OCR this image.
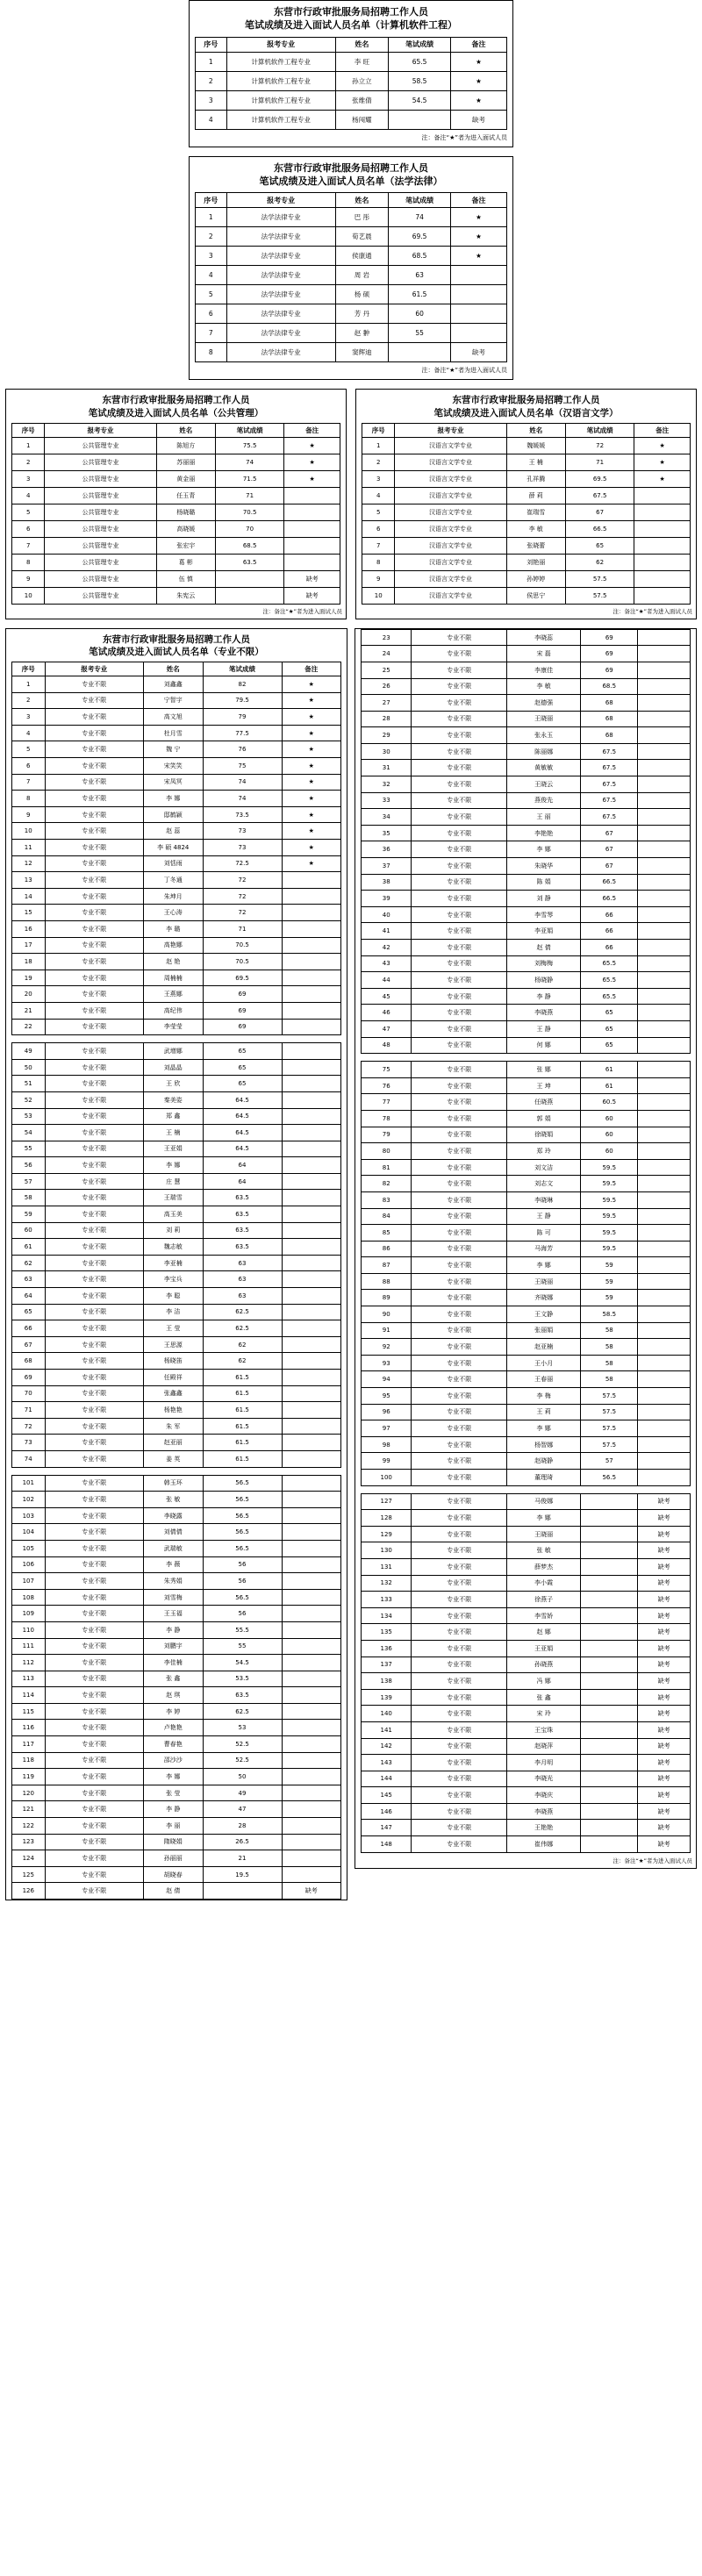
东营市行政审批服务局招聘工作人员
笔试成绩及进入面试人员名单（计算机软件工程）
序号	报考专业	姓名	笔试成绩	备注
1	计算机软件工程专业	李 旺	65.5	★
2	计算机软件工程专业	孙立立	58.5	★
3	计算机软件工程专业	张维倩	54.5	★
4	计算机软件工程专业	杨闯耀		缺考
注：备注“★”者为进入面试人员
东营市行政审批服务局招聘工作人员
笔试成绩及进入面试人员名单（法学法律）
序号	报考专业	姓名	笔试成绩	备注
1	法学法律专业	巴 彤	74	★
2	法学法律专业	荀艺晨	69.5	★
3	法学法律专业	侯康通	68.5	★
4	法学法律专业	周 岩	63	
5	法学法律专业	杨 硕	61.5	
6	法学法律专业	芳 丹	60	
7	法学法律专业	赵 翀	55	
8	法学法律专业	窦辉迪		缺考
注：备注“★”者为进入面试人员
东营市行政审批服务局招聘工作人员
笔试成绩及进入面试人员名单（公共管理）
序号	报考专业	姓名	笔试成绩	备注
1	公共管理专业	陈旭方	75.5	★
2	公共管理专业	苏丽丽	74	★
3	公共管理专业	黄金丽	71.5	★
4	公共管理专业	任玉青	71	
5	公共管理专业	杨晓璐	70.5	
6	公共管理专业	高晓媛	70	
7	公共管理专业	张宏宇	68.5	
8	公共管理专业	葛 彬	63.5	
9	公共管理专业	伍 慎		缺考
10	公共管理专业	朱宪云		缺考
注：备注“★”者为进入面试人员
东营市行政审批服务局招聘工作人员
笔试成绩及进入面试人员名单（汉语言文学）
序号	报考专业	姓名	笔试成绩	备注
1	汉语言文学专业	魏媛媛	72	★
2	汉语言文学专业	王 楠	71	★
3	汉语言文学专业	孔祥腾	69.5	★
4	汉语言文学专业	薛 莉	67.5	
5	汉语言文学专业	崔瑞雪	67	
6	汉语言文学专业	李 敏	66.5	
7	汉语言文学专业	张晓蕾	65	
8	汉语言文学专业	刘艳丽	62	
9	汉语言文学专业	孙婷婷	57.5	
10	汉语言文学专业	侯思宁	57.5	
注：备注“★”者为进入面试人员
东营市行政审批服务局招聘工作人员
笔试成绩及进入面试人员名单（专业不限）
序号	报考专业	姓名	笔试成绩	备注
1	专业不限	刘鑫鑫	82	★
2	专业不限	宁智宇	79.5	★
3	专业不限	高文旭	79	★
4	专业不限	杜月雪	77.5	★
5	专业不限	魏 宁	76	★
6	专业不限	宋笑笑	75	★
7	专业不限	宋凤冥	74	★
8	专业不限	李 娜	74	★
9	专业不限	邸鹤颖	73.5	★
10	专业不限	赵 蕊	73	★
11	专业不限	李 硕 4824	73	★
12	专业不限	刘恬雨	72.5	★
13	专业不限	丁冬通	72	
14	专业不限	朱坤月	72	
15	专业不限	王心涛	72	
16	专业不限	李 璐	71	
17	专业不限	高艳娜	70.5	
18	专业不限	赵 艳	70.5	
19	专业不限	周楠楠	69.5	
20	专业不限	王燕娜	69	
21	专业不限	高纪伟	69	
22	专业不限	李莹莹	69	

49	专业不限	武增娜	65	
50	专业不限	刘晶晶	65	
51	专业不限	王 欣	65	
52	专业不限	秦美姿	64.5	
53	专业不限	郑 鑫	64.5	
54	专业不限	王 楠	64.5	
55	专业不限	王亚娟	64.5	
56	专业不限	李 娜	64	
57	专业不限	庄 慧	64	
58	专业不限	王瑞雪	63.5	
59	专业不限	高玉美	63.5	
60	专业不限	刘 莉	63.5	
61	专业不限	魏志敏	63.5	
62	专业不限	李亚楠	63	
63	专业不限	李宝兵	63	
64	专业不限	李 聪	63	
65	专业不限	李 洁	62.5	
66	专业不限	王 莹	62.5	
67	专业不限	王思源	62	
68	专业不限	杨晓笛	62	
69	专业不限	任殿祥	61.5	
70	专业不限	张鑫鑫	61.5	
71	专业不限	杨艳艳	61.5	
72	专业不限	朱 军	61.5	
73	专业不限	赵亚丽	61.5	
74	专业不限	姜 英	61.5	

101	专业不限	韩玉环	56.5	
102	专业不限	张 敏	56.5	
103	专业不限	李晓露	56.5	
104	专业不限	刘倩倩	56.5	
105	专业不限	武瑞敏	56.5	
106	专业不限	李 薇	56	
107	专业不限	朱秀娟	56	
108	专业不限	刘雪梅	56.5	
109	专业不限	王玉福	56	
110	专业不限	李 静	55.5	
111	专业不限	刘鹏宇	55	
112	专业不限	李佳楠	54.5	
113	专业不限	张 鑫	53.5	
114	专业不限	赵 琪	63.5	
115	专业不限	李 婷	62.5	
116	专业不限	卢艳艳	53	
117	专业不限	曹春艳	52.5	
118	专业不限	邵沙沙	52.5	
119	专业不限	李 娜	50	
120	专业不限	张 莹	49	
121	专业不限	李 静	47	
122	专业不限	李 丽	28	
123	专业不限	隋晓娟	26.5	
124	专业不限	孙丽丽	21	
125	专业不限	胡晓春	19.5	
126	专业不限	赵 倩		缺考
23	专业不限	李晓蕊	69	
24	专业不限	宋 磊	69	
25	专业不限	李康佳	69	
26	专业不限	李 敏	68.5	
27	专业不限	赵德强	68	
28	专业不限	王晓丽	68	
29	专业不限	张永玉	68	
30	专业不限	陈丽娜	67.5	
31	专业不限	黄敏敏	67.5	
32	专业不限	王晓云	67.5	
33	专业不限	燕俊先	67.5	
34	专业不限	王 丽	67.5	
35	专业不限	李艳艳	67	
36	专业不限	李 娜	67	
37	专业不限	朱晓华	67	
38	专业不限	陈 娟	66.5	
39	专业不限	刘 静	66.5	
40	专业不限	李雪琴	66	
41	专业不限	李亚娟	66	
42	专业不限	赵 倩	66	
43	专业不限	刘梅梅	65.5	
44	专业不限	杨晓静	65.5	
45	专业不限	李 静	65.5	
46	专业不限	李晓燕	65	
47	专业不限	王 静	65	
48	专业不限	何 娜	65	

75	专业不限	张 娜	61	
76	专业不限	王 坤	61	
77	专业不限	任晓燕	60.5	
78	专业不限	郭 娟	60	
79	专业不限	徐晓娟	60	
80	专业不限	郑 玲	60	
81	专业不限	刘文洁	59.5	
82	专业不限	刘志文	59.5	
83	专业不限	李晓琳	59.5	
84	专业不限	王 静	59.5	
85	专业不限	陈 可	59.5	
86	专业不限	马海芳	59.5	
87	专业不限	李 娜	59	
88	专业不限	王晓丽	59	
89	专业不限	齐晓娜	59	
90	专业不限	王文静	58.5	
91	专业不限	张丽娟	58	
92	专业不限	赵亚楠	58	
93	专业不限	王小月	58	
94	专业不限	王春丽	58	
95	专业不限	李 梅	57.5	
96	专业不限	王 莉	57.5	
97	专业不限	李 娜	57.5	
98	专业不限	杨智娜	57.5	
99	专业不限	赵晓静	57	
100	专业不限	董理琦	56.5	

127	专业不限	马俊娜		缺考
128	专业不限	李 娜		缺考
129	专业不限	王晓丽		缺考
130	专业不限	张 敏		缺考
131	专业不限	薛梦杰		缺考
132	专业不限	李小霞		缺考
133	专业不限	徐燕子		缺考
134	专业不限	李雪娇		缺考
135	专业不限	赵 娜		缺考
136	专业不限	王亚娟		缺考
137	专业不限	孙晓燕		缺考
138	专业不限	冯 娜		缺考
139	专业不限	张 鑫		缺考
140	专业不限	宋 玲		缺考
141	专业不限	王宝珠		缺考
142	专业不限	赵晓萍		缺考
143	专业不限	李月明		缺考
144	专业不限	李晓光		缺考
145	专业不限	李晓庆		缺考
146	专业不限	李晓燕		缺考
147	专业不限	王艳艳		缺考
148	专业不限	崔伟娜		缺考
注：备注“★”者为进入面试人员
